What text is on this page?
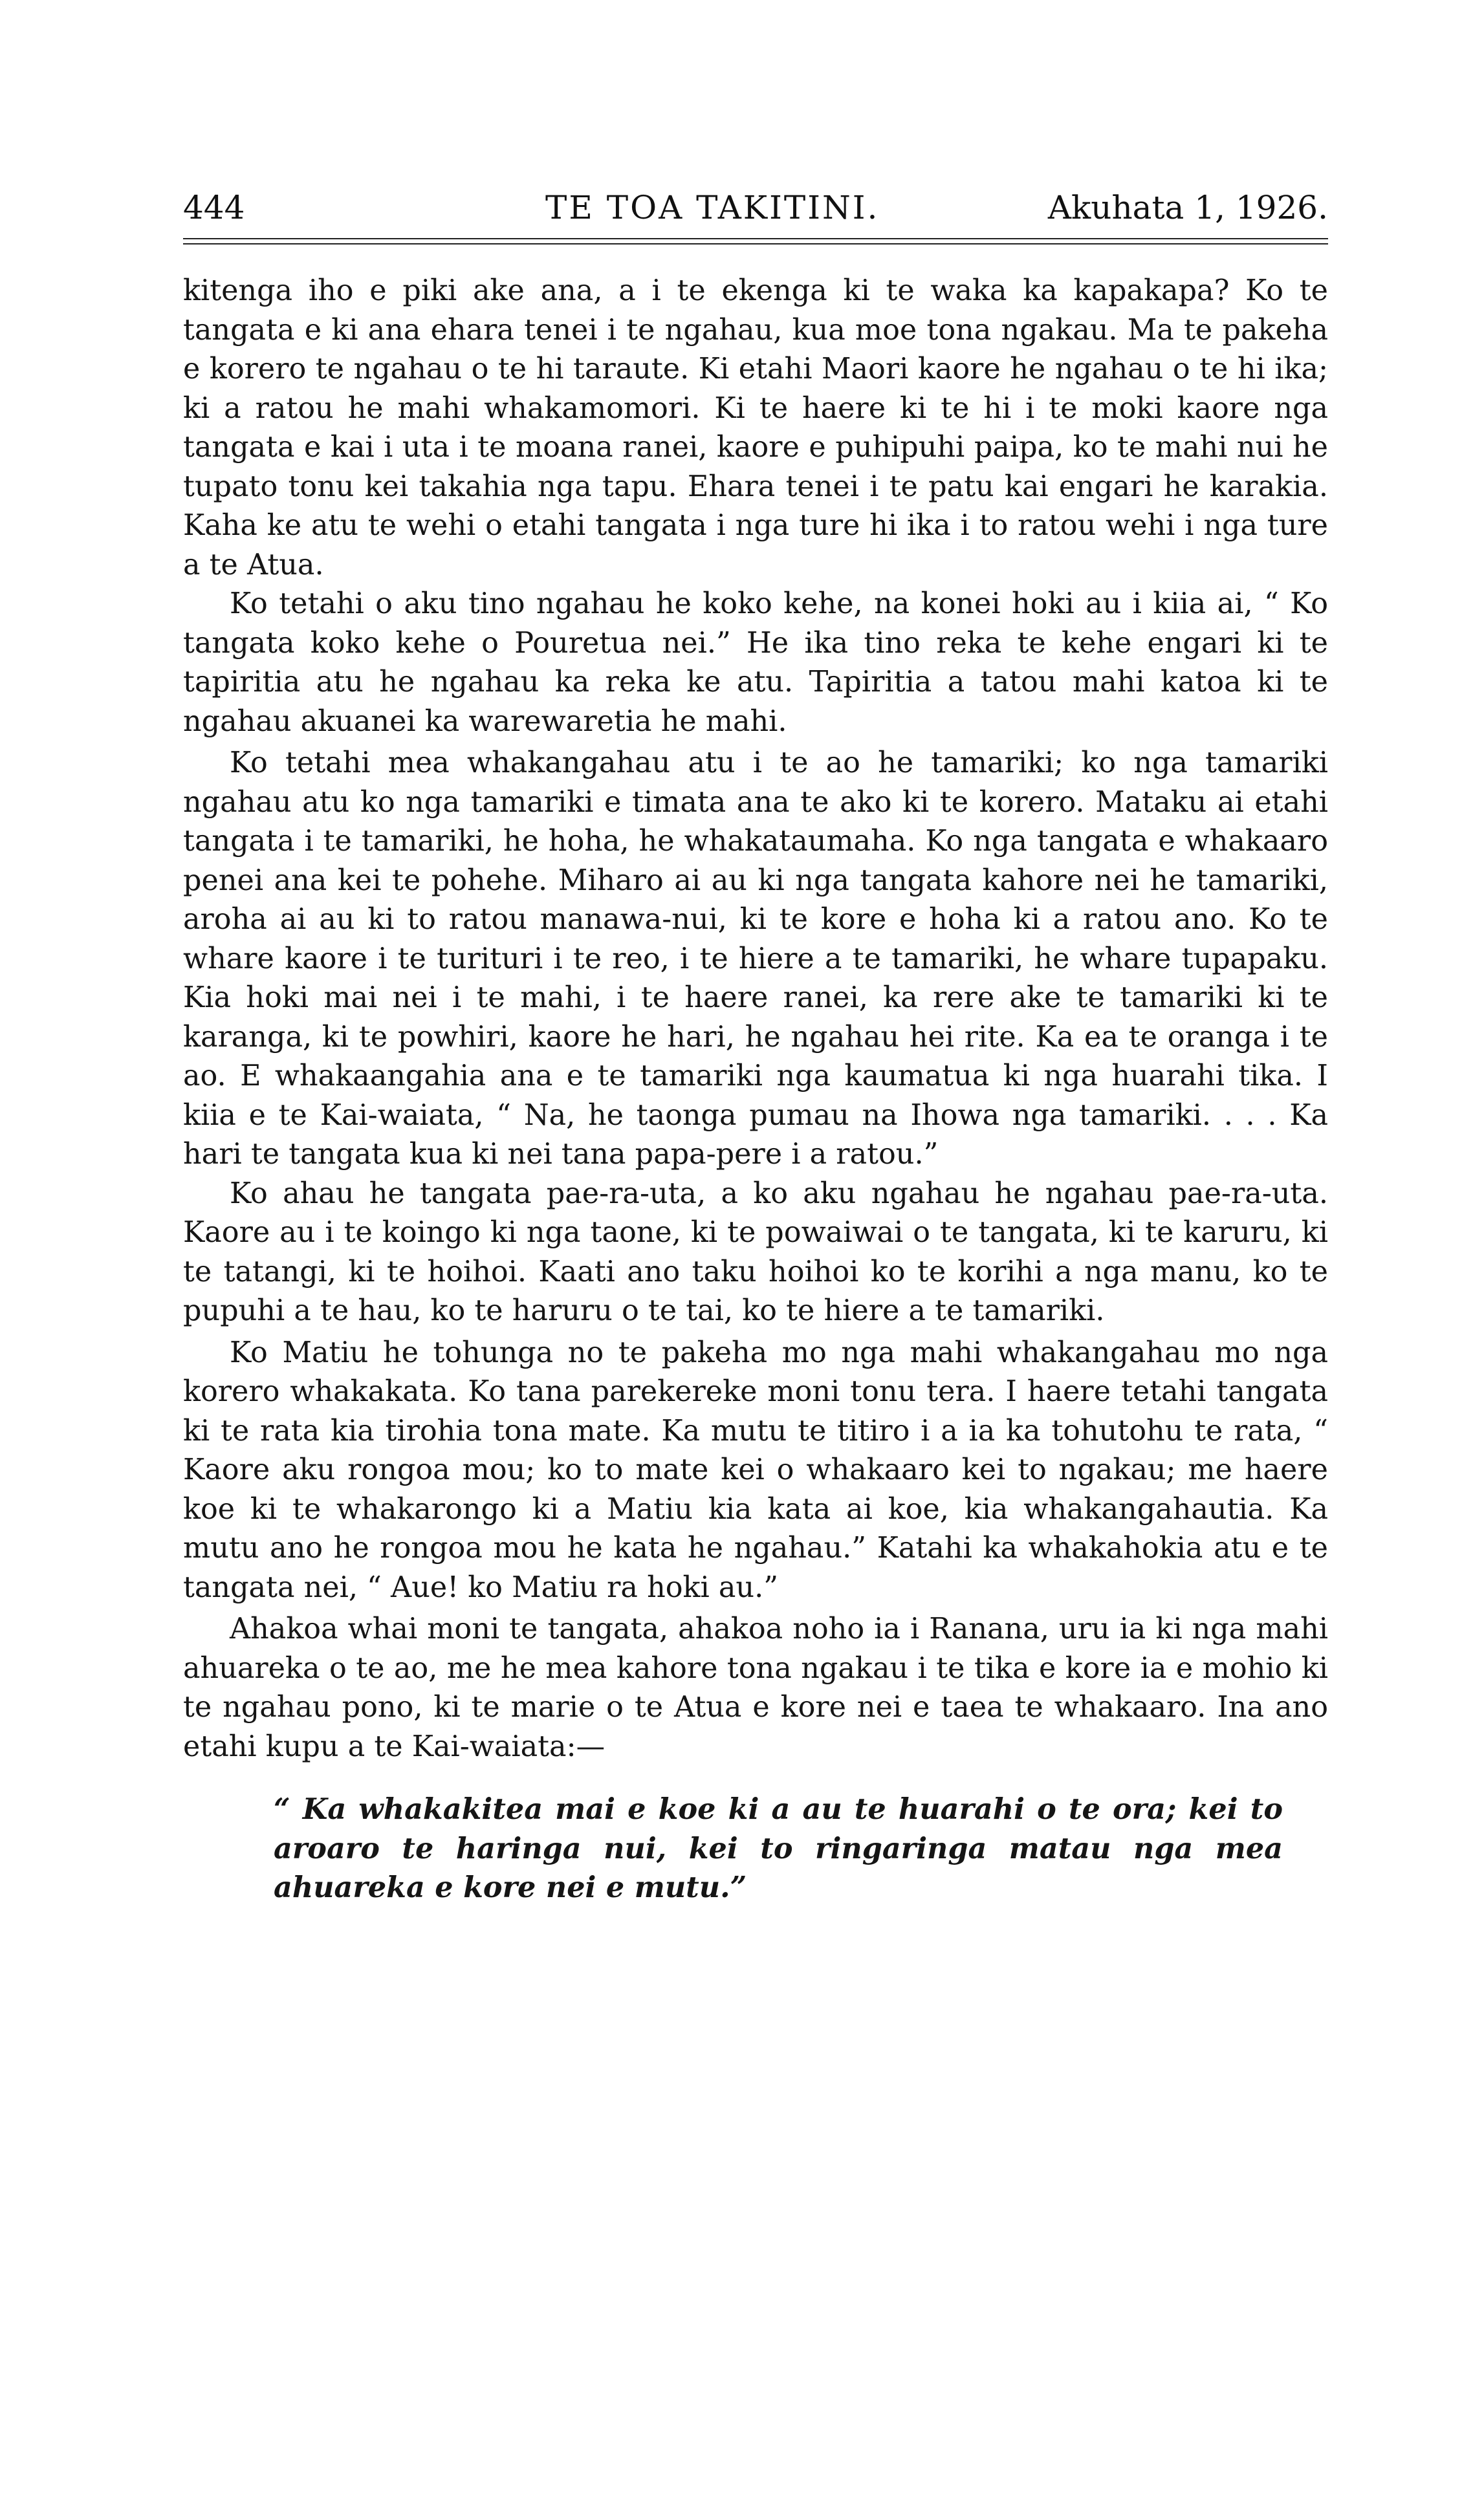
444	TE TOA TAKITINI.	Akuhata 1, 1926.

kitenga iho e piki ake ana, a i te ekenga ki te waka ka kapakapa? Ko te tangata e ki ana ehara tenei i te ngahau, kua moe tona ngakau. Ma te pakeha e korero te ngahau o te hi taraute. Ki etahi Maori kaore he ngahau o te hi ika; ki a ratou he mahi whakamomori. Ki te haere ki te hi i te moki kaore nga tangata e kai i uta i te moana ranei, kaore e puhipuhi paipa, ko te mahi nui he tupato tonu kei takahia nga tapu. Ehara tenei i te patu kai engari he karakia. Kaha ke atu te wehi o etahi tangata i nga ture hi ika i to ratou wehi i nga ture a te Atua.

Ko tetahi o aku tino ngahau he koko kehe, na konei hoki au i kiia ai, “ Ko tangata koko kehe o Pouretua nei.” He ika tino reka te kehe engari ki te tapiritia atu he ngahau ka reka ke atu. Tapiritia a tatou mahi katoa ki te ngahau akuanei ka warewaretia he mahi.

Ko tetahi mea whakangahau atu i te ao he tamariki; ko nga tamariki ngahau atu ko nga tamariki e timata ana te ako ki te korero. Mataku ai etahi tangata i te tamariki, he hoha, he whakataumaha. Ko nga tangata e whakaaro penei ana kei te pohehe. Miharo ai au ki nga tangata kahore nei he tamariki, aroha ai au ki to ratou manawa-nui, ki te kore e hoha ki a ratou ano. Ko te whare kaore i te turituri i te reo, i te hiere a te tamariki, he whare tupapaku. Kia hoki mai nei i te mahi, i te haere ranei, ka rere ake te tamariki ki te karanga, ki te powhiri, kaore he hari, he ngahau hei rite. Ka ea te oranga i te ao. E whakaangahia ana e te tamariki nga kaumatua ki nga huarahi tika. I kiia e te Kai-waiata, “ Na, he taonga pumau na Ihowa nga tamariki. . . . Ka hari te tangata kua ki nei tana papa-pere i a ratou.”

Ko ahau he tangata pae-ra-uta, a ko aku ngahau he ngahau pae-ra-uta. Kaore au i te koingo ki nga taone, ki te powaiwai o te tangata, ki te karuru, ki te tatangi, ki te hoihoi. Kaati ano taku hoihoi ko te korihi a nga manu, ko te pupuhi a te hau, ko te haruru o te tai, ko te hiere a te tamariki.

Ko Matiu he tohunga no te pakeha mo nga mahi whakangahau mo nga korero whakakata. Ko tana parekereke moni tonu tera. I haere tetahi tangata ki te rata kia tirohia tona mate. Ka mutu te titiro i a ia ka tohutohu te rata, “ Kaore aku rongoa mou; ko to mate kei o whakaaro kei to ngakau; me haere koe ki te whakarongo ki a Matiu kia kata ai koe, kia whakangahautia. Ka mutu ano he rongoa mou he kata he ngahau.” Katahi ka whakahokia atu e te tangata nei, “ Aue! ko Matiu ra hoki au.”

Ahakoa whai moni te tangata, ahakoa noho ia i Ranana, uru ia ki nga mahi ahuareka o te ao, me he mea kahore tona ngakau i te tika e kore ia e mohio ki te ngahau pono, ki te marie o te Atua e kore nei e taea te whakaaro. Ina ano etahi kupu a te Kai-waiata:—

“ Ka whakakitea mai e koe ki a au te huarahi o te ora; kei to aroaro te haringa nui, kei to ringaringa matau nga mea ahuareka e kore nei e mutu.”
